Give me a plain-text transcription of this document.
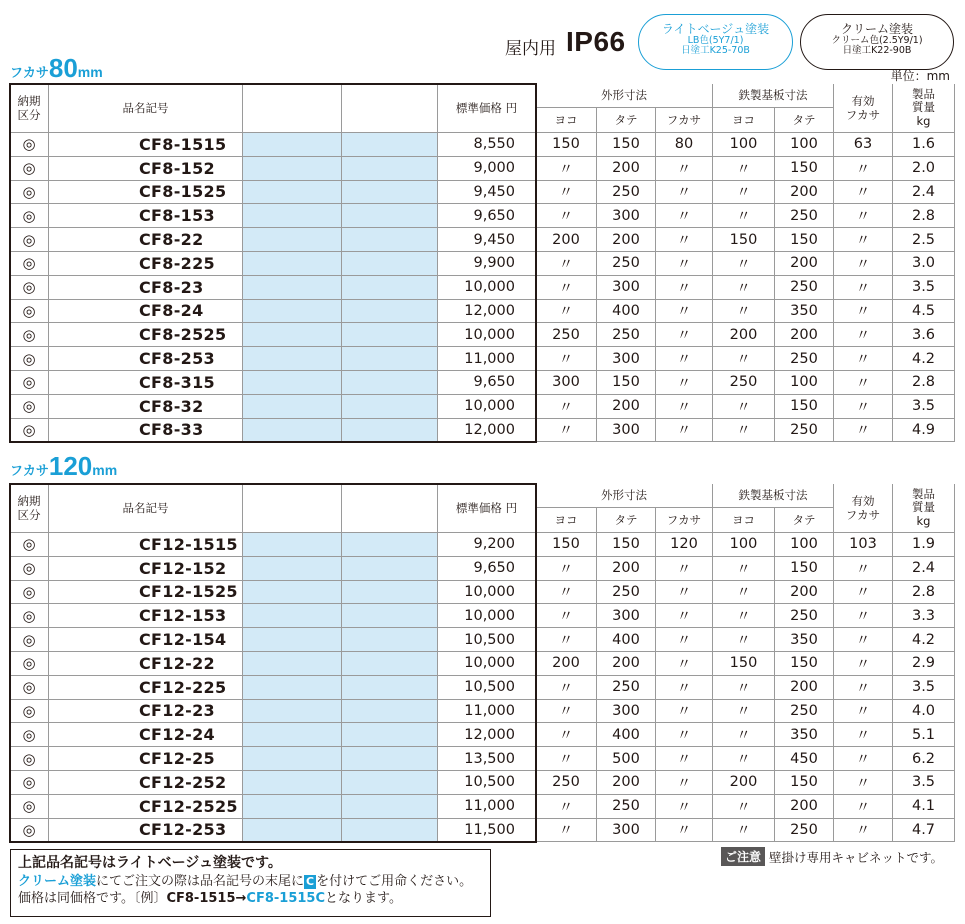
屋内用 IP66	ライトベージュ塗装
LB色(5Y7/1)
日塗工K25-70B
クリーム塗装
クリーム色(2.5Y9/1)
日塗工K22-90B
単位：mm
フカサ80mm
フカサ120mm
納期
区分
品名記号	標準価格 円
外形寸法	鉄製基板寸法
ヨコ	タテ	フカサ	ヨコ	タテ
有効
フカサ
製品
質量
kg
◎	CF8-1515	8,550	150	150	80	100	100	63	1.6
◎	CF8-152	9,000	〃	200	〃	〃	150	〃	2.0
◎	CF8-1525	9,450	〃	250	〃	〃	200	〃	2.4
◎	CF8-153	9,650	〃	300	〃	〃	250	〃	2.8
◎	CF8-22	9,450	200	200	〃	150	150	〃	2.5
◎	CF8-225	9,900	〃	250	〃	〃	200	〃	3.0
◎	CF8-23	10,000	〃	300	〃	〃	250	〃	3.5
◎	CF8-24	12,000	〃	400	〃	〃	350	〃	4.5
◎	CF8-2525	10,000	250	250	〃	200	200	〃	3.6
◎	CF8-253	11,000	〃	300	〃	〃	250	〃	4.2
◎	CF8-315	9,650	300	150	〃	250	100	〃	2.8
◎	CF8-32	10,000	〃	200	〃	〃	150	〃	3.5
◎	CF8-33	12,000	〃	300	〃	〃	250	〃	4.9
納期
区分
品名記号	標準価格 円
外形寸法	鉄製基板寸法
ヨコ	タテ	フカサ	ヨコ	タテ
有効
フカサ
製品
質量
kg
◎	CF12-1515	9,200	150	150	120	100	100	103	1.9
◎	CF12-152	9,650	〃	200	〃	〃	150	〃	2.4
◎	CF12-1525	10,000	〃	250	〃	〃	200	〃	2.8
◎	CF12-153	10,000	〃	300	〃	〃	250	〃	3.3
◎	CF12-154	10,500	〃	400	〃	〃	350	〃	4.2
◎	CF12-22	10,000	200	200	〃	150	150	〃	2.9
◎	CF12-225	10,500	〃	250	〃	〃	200	〃	3.5
◎	CF12-23	11,000	〃	300	〃	〃	250	〃	4.0
◎	CF12-24	12,000	〃	400	〃	〃	350	〃	5.1
◎	CF12-25	13,500	〃	500	〃	〃	450	〃	6.2
◎	CF12-252	10,500	250	200	〃	200	150	〃	3.5
◎	CF12-2525	11,000	〃	250	〃	〃	200	〃	4.1
◎	CF12-253	11,500	〃	300	〃	〃	250	〃	4.7
上記品名記号はライトベージュ塗装です。
クリーム塗装にてご注文の際は品名記号の末尾に C を付けてご用命ください。
価格は同価格です。〔例〕CF8-1515→CF8-1515Cとなります。
ご注意 壁掛け専用キャビネットです。
